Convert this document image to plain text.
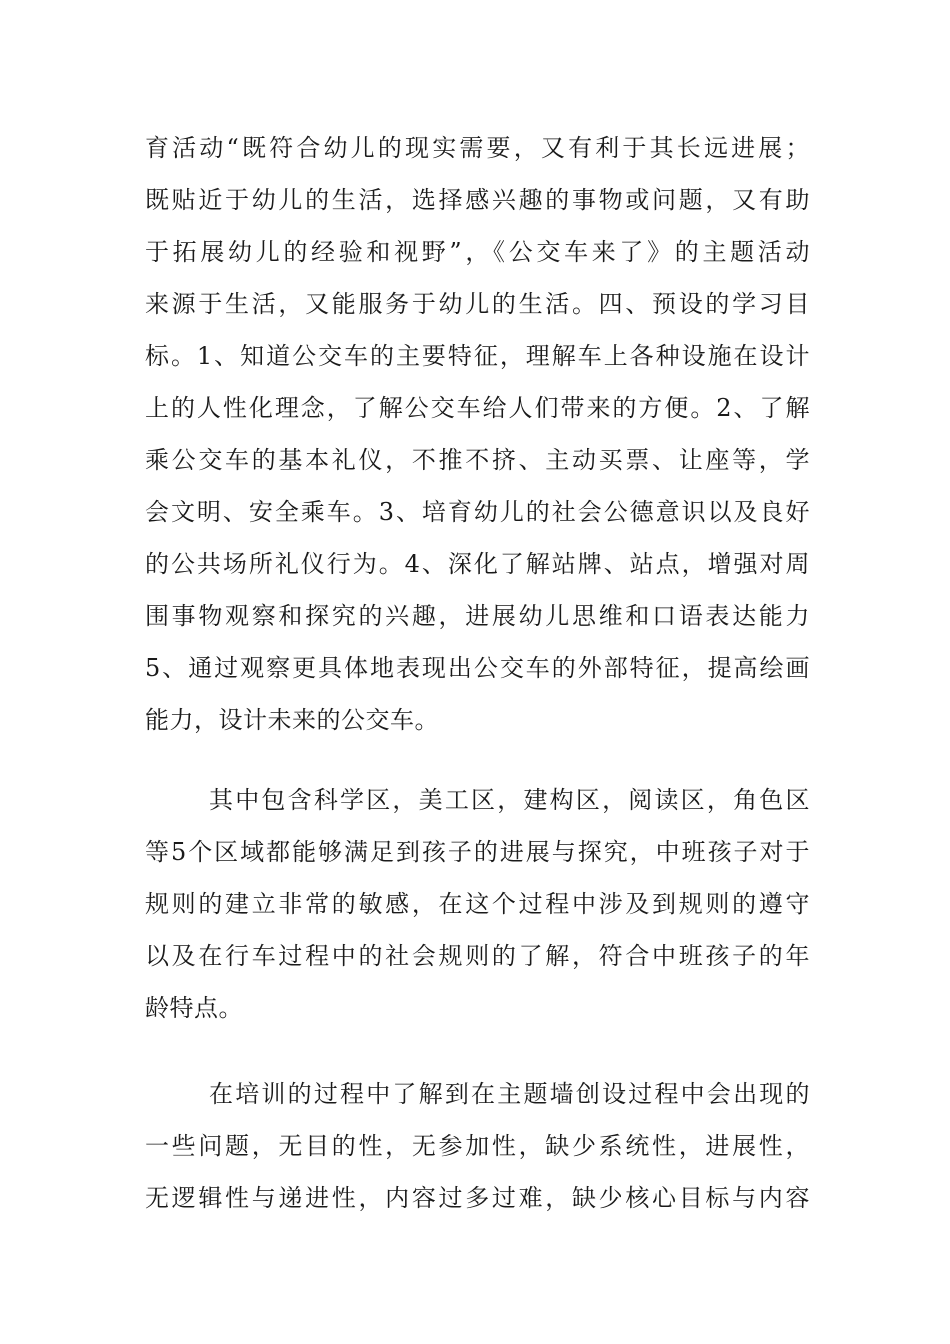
育活动“既符合幼儿的现实需要，又有利于其长远进展；
既贴近于幼儿的生活，选择感兴趣的事物或问题，又有助
于拓展幼儿的经验和视野”，《公交车来了》的主题活动
来源于生活，又能服务于幼儿的生活。四、预设的学习目
标。1、知道公交车的主要特征，理解车上各种设施在设计
上的人性化理念，了解公交车给人们带来的方便。2、了解
乘公交车的基本礼仪，不推不挤、主动买票、让座等，学
会文明、安全乘车。3、培育幼儿的社会公德意识以及良好
的公共场所礼仪行为。4、深化了解站牌、站点，增强对周
围事物观察和探究的兴趣，进展幼儿思维和口语表达能力
5、通过观察更具体地表现出公交车的外部特征，提高绘画
能力，设计未来的公交车。
其中包含科学区，美工区，建构区，阅读区，角色区
等5个区域都能够满足到孩子的进展与探究，中班孩子对于
规则的建立非常的敏感，在这个过程中涉及到规则的遵守
以及在行车过程中的社会规则的了解，符合中班孩子的年
龄特点。
在培训的过程中了解到在主题墙创设过程中会出现的
一些问题，无目的性，无参加性，缺少系统性，进展性，
无逻辑性与递进性，内容过多过难，缺少核心目标与内容
